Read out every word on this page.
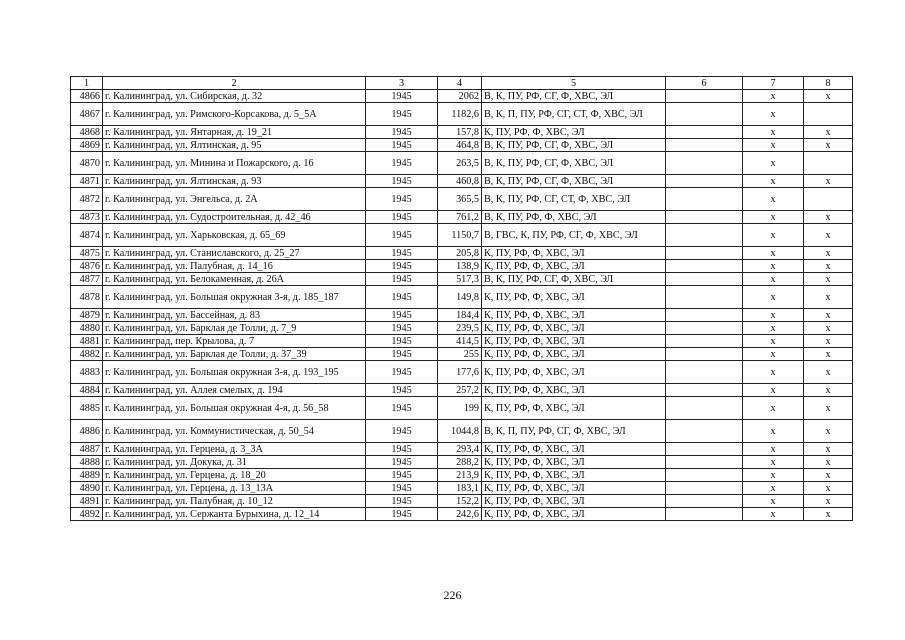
1	2	3	4	5	6	7	8
4866	г. Калининград, ул. Сибирская, д. 32	1945	2062	В, К, ПУ, РФ, СГ, Ф, ХВС, ЭЛ		x	x
4867	г. Калининград, ул. Римского-Корсакова, д. 5_5А	1945	1182,6	В, К, П, ПУ, РФ, СГ, СТ, Ф, ХВС, ЭЛ		x	
4868	г. Калининград, ул. Янтарная, д. 19_21	1945	157,8	К, ПУ, РФ, Ф, ХВС, ЭЛ		x	x
4869	г. Калининград, ул. Ялтинская, д. 95	1945	464,8	В, К, ПУ, РФ, СГ, Ф, ХВС, ЭЛ		x	x
4870	г. Калининград, ул. Минина и Пожарского, д. 16	1945	263,5	В, К, ПУ, РФ, СГ, Ф, ХВС, ЭЛ		x	
4871	г. Калининград, ул. Ялтинская, д. 93	1945	460,8	В, К, ПУ, РФ, СГ, Ф, ХВС, ЭЛ		x	x
4872	г. Калининград, ул. Энгельса, д. 2А	1945	365,5	В, К, ПУ, РФ, СГ, СТ, Ф, ХВС, ЭЛ		x	
4873	г. Калининград, ул. Судостроительная, д. 42_46	1945	761,2	В, К, ПУ, РФ, Ф, ХВС, ЭЛ		x	x
4874	г. Калининград, ул. Харьковская, д. 65_69	1945	1150,7	В, ГВС, К, ПУ, РФ, СГ, Ф, ХВС, ЭЛ		x	x
4875	г. Калининград, ул. Станиславского, д. 25_27	1945	205,8	К, ПУ, РФ, Ф, ХВС, ЭЛ		x	x
4876	г. Калининград, ул. Палубная, д. 14_16	1945	138,9	К, ПУ, РФ, Ф, ХВС, ЭЛ		x	x
4877	г. Калининград, ул. Белокаменная, д. 26А	1945	517,3	В, К, ПУ, РФ, СГ, Ф, ХВС, ЭЛ		x	x
4878	г. Калининград, ул. Большая окружная 3-я, д. 185_187	1945	149,8	К, ПУ, РФ, Ф, ХВС, ЭЛ		x	x
4879	г. Калининград, ул. Бассейная, д. 83	1945	184,4	К, ПУ, РФ, Ф, ХВС, ЭЛ		x	x
4880	г. Калининград, ул. Барклая де Толли, д. 7_9	1945	239,5	К, ПУ, РФ, Ф, ХВС, ЭЛ		x	x
4881	г. Калининград, пер. Крылова, д. 7	1945	414,5	К, ПУ, РФ, Ф, ХВС, ЭЛ		x	x
4882	г. Калининград, ул. Барклая де Толли, д. 37_39	1945	255	К, ПУ, РФ, Ф, ХВС, ЭЛ		x	x
4883	г. Калининград, ул. Большая окружная 3-я, д. 193_195	1945	177,6	К, ПУ, РФ, Ф, ХВС, ЭЛ		x	x
4884	г. Калининград, ул. Аллея смелых, д. 194	1945	257,2	К, ПУ, РФ, Ф, ХВС, ЭЛ		x	x
4885	г. Калининград, ул. Большая окружная 4-я, д. 56_58	1945	199	К, ПУ, РФ, Ф, ХВС, ЭЛ		x	x
4886	г. Калининград, ул. Коммунистическая, д. 50_54	1945	1044,8	В, К, П, ПУ, РФ, СГ, Ф, ХВС, ЭЛ		x	x
4887	г. Калининград, ул. Герцена, д. 3_3А	1945	293,4	К, ПУ, РФ, Ф, ХВС, ЭЛ		x	x
4888	г. Калининград, ул. Докука, д. 31	1945	288,2	К, ПУ, РФ, Ф, ХВС, ЭЛ		x	x
4889	г. Калининград, ул. Герцена, д. 18_20	1945	213,9	К, ПУ, РФ, Ф, ХВС, ЭЛ		x	x
4890	г. Калининград, ул. Герцена, д. 13_13А	1945	183,1	К, ПУ, РФ, Ф, ХВС, ЭЛ		x	x
4891	г. Калининград, ул. Палубная, д. 10_12	1945	152,2	К, ПУ, РФ, Ф, ХВС, ЭЛ		x	x
4892	г. Калининград, ул. Сержанта Бурыхина, д. 12_14	1945	242,6	К, ПУ, РФ, Ф, ХВС, ЭЛ		x	x
226
